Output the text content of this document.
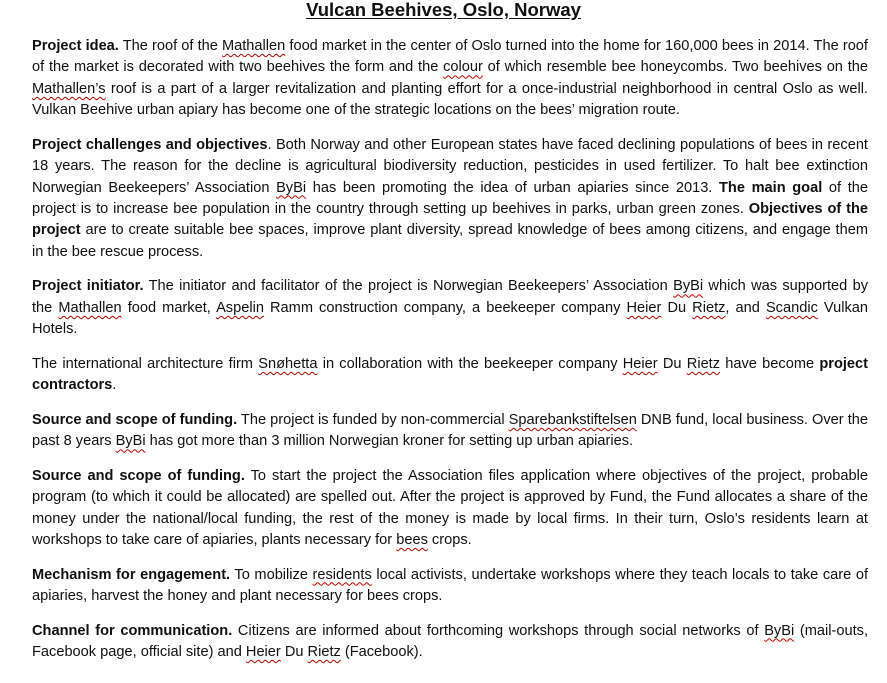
Vulcan Beehives, Oslo, Norway

Project idea. The roof of the Mathallen food market in the center of Oslo turned into the home for 160,000 bees in 2014. The roof of the market is decorated with two beehives the form and the colour of which resemble bee honeycombs. Two beehives on the Mathallen’s roof is a part of a larger revitalization and planting effort for a once-industrial neighborhood in central Oslo as well. Vulkan Beehive urban apiary has become one of the strategic locations on the bees’ migration route.

Project challenges and objectives. Both Norway and other European states have faced declining populations of bees in recent 18 years. The reason for the decline is agricultural biodiversity reduction, pesticides in used fertilizer. To halt bee extinction Norwegian Beekeepers’ Association ByBi has been promoting the idea of urban apiaries since 2013. The main goal of the project is to increase bee population in the country through setting up beehives in parks, urban green zones. Objectives of the project are to create suitable bee spaces, improve plant diversity, spread knowledge of bees among citizens, and engage them in the bee rescue process.

Project initiator. The initiator and facilitator of the project is Norwegian Beekeepers’ Association ByBi which was supported by the Mathallen food market, Aspelin Ramm construction company, a beekeeper company Heier Du Rietz, and Scandic Vulkan Hotels.

The international architecture firm Snøhetta in collaboration with the beekeeper company Heier Du Rietz have become project contractors.

Source and scope of funding. The project is funded by non-commercial Sparebankstiftelsen DNB fund, local business. Over the past 8 years ByBi has got more than 3 million Norwegian kroner for setting up urban apiaries.

Source and scope of funding. To start the project the Association files application where objectives of the project, probable program (to which it could be allocated) are spelled out. After the project is approved by Fund, the Fund allocates a share of the money under the national/local funding, the rest of the money is made by local firms. In their turn, Oslo’s residents learn at workshops to take care of apiaries, plants necessary for bees crops.

Mechanism for engagement. To mobilize residents local activists, undertake workshops where they teach locals to take care of apiaries, harvest the honey and plant necessary for bees crops.

Channel for communication. Citizens are informed about forthcoming workshops through social networks of ByBi (mail-outs, Facebook page, official site) and Heier Du Rietz (Facebook).
